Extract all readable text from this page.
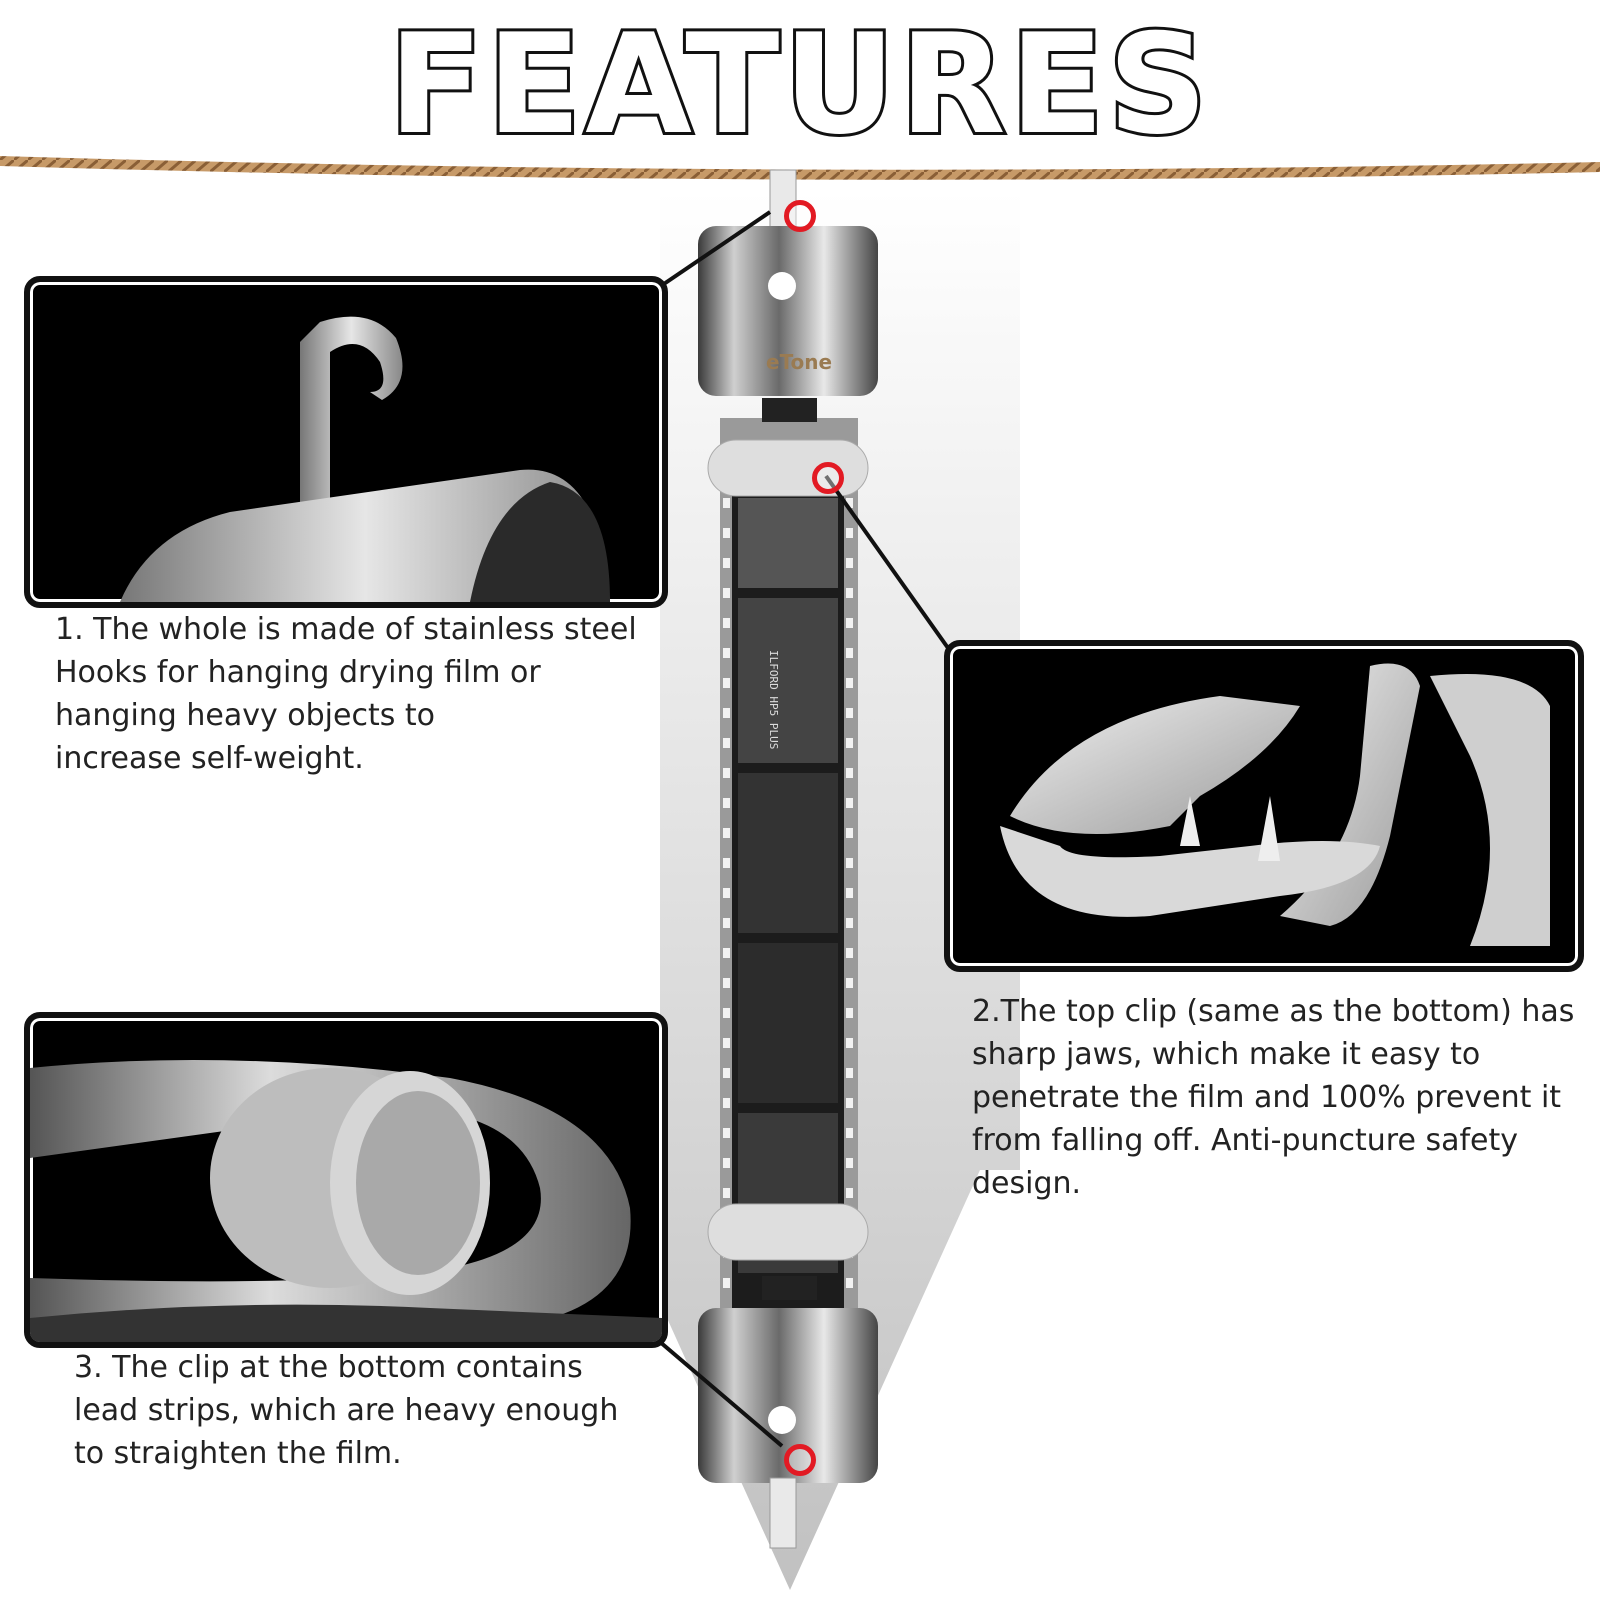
FEATURES
eTone
ILFORD HP5 PLUS
1. The whole is made of stainless steel
Hooks for hanging drying film or
hanging heavy objects to
increase self-weight.
2.The top clip (same as the bottom) has
sharp jaws, which make it easy to
penetrate the film and 100% prevent it
from falling off. Anti-puncture safety
design.
3. The clip at the bottom contains
lead strips, which are heavy enough
to straighten the film.
